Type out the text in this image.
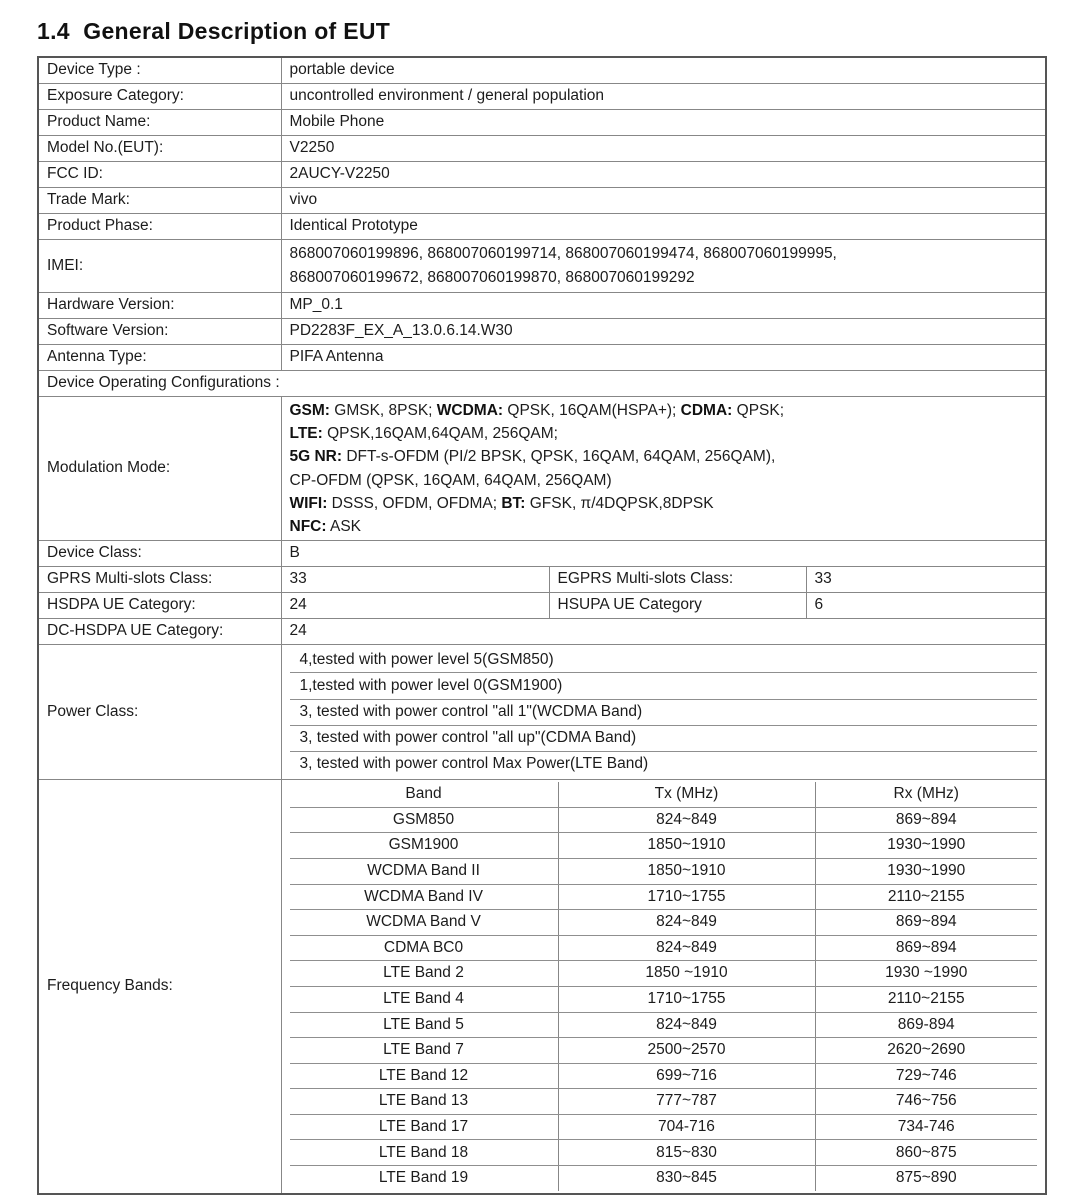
1.4  General Description of EUT
Device Type :	portable device		
Exposure Category:	uncontrolled environment / general population		
Product Name:	Mobile Phone		
Model No.(EUT):	V2250		
FCC ID:	2AUCY-V2250		
Trade Mark:	vivo		
Product Phase:	Identical Prototype		
IMEI:	868007060199896, 868007060199714, 868007060199474, 868007060199995,
868007060199672, 868007060199870, 868007060199292		

Hardware Version:	MP_0.1		
Software Version:	PD2283F_EX_A_13.0.6.14.W30		
Antenna Type:	PIFA Antenna		
Device Operating Configurations :			
Modulation Mode:	
GSM: GMSK, 8PSK; WCDMA: QPSK, 16QAM(HSPA+); CDMA: QPSK;
LTE: QPSK,16QAM,64QAM, 256QAM;
5G NR: DFT-s-OFDM (PI/2 BPSK, QPSK, 16QAM, 64QAM, 256QAM),
CP-OFDM (QPSK, 16QAM, 64QAM, 256QAM)
WIFI: DSSS, OFDM, OFDMA; BT: GFSK, π/4DQPSK,8DPSK
NFC: ASK

Device Class:	B		
GPRS Multi-slots Class:	33	EGPRS Multi-slots Class:	33
HSDPA UE Category:	24	HSUPA UE Category	6
DC-HSDPA UE Category:	24		
Power Class:	4,tested with power level 5(GSM850)
1,tested with power level 0(GSM1900)
3, tested with power control "all 1"(WCDMA Band)
3, tested with power control "all up"(CDMA Band)
3, tested with power control Max Power(LTE Band)		

Frequency Bands:	
Band	Tx (MHz)	Rx (MHz)
GSM850	824~849	869~894
GSM1900	1850~1910	1930~1990
WCDMA Band II	1850~1910	1930~1990
WCDMA Band IV	1710~1755	2110~2155
WCDMA Band V	824~849	869~894
CDMA BC0	824~849	869~894
LTE Band 2	1850 ~1910	1930 ~1990
LTE Band 4	1710~1755	2110~2155
LTE Band 5	824~849	869-894
LTE Band 7	2500~2570	2620~2690
LTE Band 12	699~716	729~746
LTE Band 13	777~787	746~756
LTE Band 17	704-716	734-746
LTE Band 18	815~830	860~875
LTE Band 19	830~845	875~890
